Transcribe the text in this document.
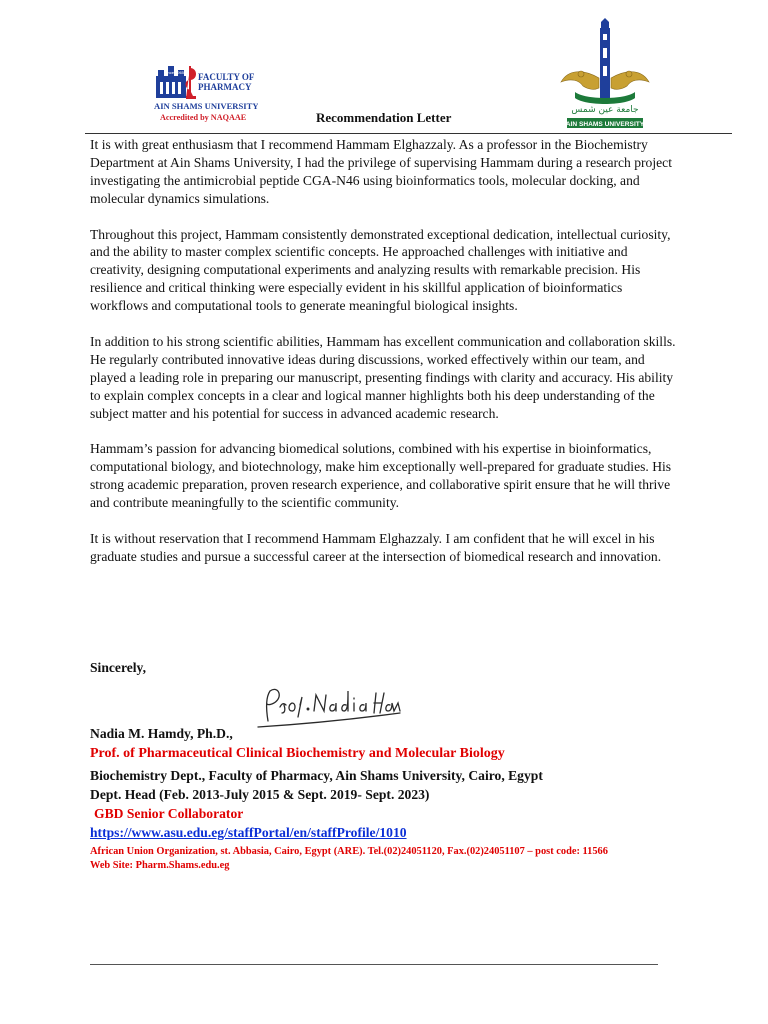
Since 1965 FACULTY OF
PHARMACY
AIN SHAMS UNIVERSITY
Accredited by NAQAAE
جامعة عين شمس
AIN SHAMS UNIVERSITY
Recommendation Letter

It is with great enthusiasm that I recommend Hammam Elghazzaly. As a professor in the Biochemistry Department at Ain Shams University, I had the privilege of supervising Hammam during a research project investigating the antimicrobial peptide CGA-N46 using bioinformatics tools, molecular docking, and molecular dynamics simulations.

Throughout this project, Hammam consistently demonstrated exceptional dedication, intellectual curiosity, and the ability to master complex scientific concepts. He approached challenges with initiative and creativity, designing computational experiments and analyzing results with remarkable precision. His resilience and critical thinking were especially evident in his skillful application of bioinformatics workflows and computational tools to generate meaningful biological insights.

In addition to his strong scientific abilities, Hammam has excellent communication and collaboration skills. He regularly contributed innovative ideas during discussions, worked effectively within our team, and played a leading role in preparing our manuscript, presenting findings with clarity and accuracy. His ability to explain complex concepts in a clear and logical manner highlights both his deep understanding of the subject matter and his potential for success in advanced academic research.

Hammam’s passion for advancing biomedical solutions, combined with his expertise in bioinformatics, computational biology, and biotechnology, make him exceptionally well-prepared for graduate studies. His strong academic preparation, proven research experience, and collaborative spirit ensure that he will thrive and contribute meaningfully to the scientific community.

It is without reservation that I recommend Hammam Elghazzaly. I am confident that he will excel in his graduate studies and pursue a successful career at the intersection of biomedical research and innovation.

Sincerely,
Nadia M. Hamdy, Ph.D.,
Prof. of Pharmaceutical Clinical Biochemistry and Molecular Biology
Biochemistry Dept., Faculty of Pharmacy, Ain Shams University, Cairo, Egypt
Dept. Head (Feb. 2013-July 2015 & Sept. 2019- Sept. 2023)
GBD Senior Collaborator
https://www.asu.edu.eg/staffPortal/en/staffProfile/1010
African Union Organization, st. Abbasia, Cairo, Egypt (ARE). Tel.(02)24051120, Fax.(02)24051107 – post code: 11566
Web Site: Pharm.Shams.edu.eg
